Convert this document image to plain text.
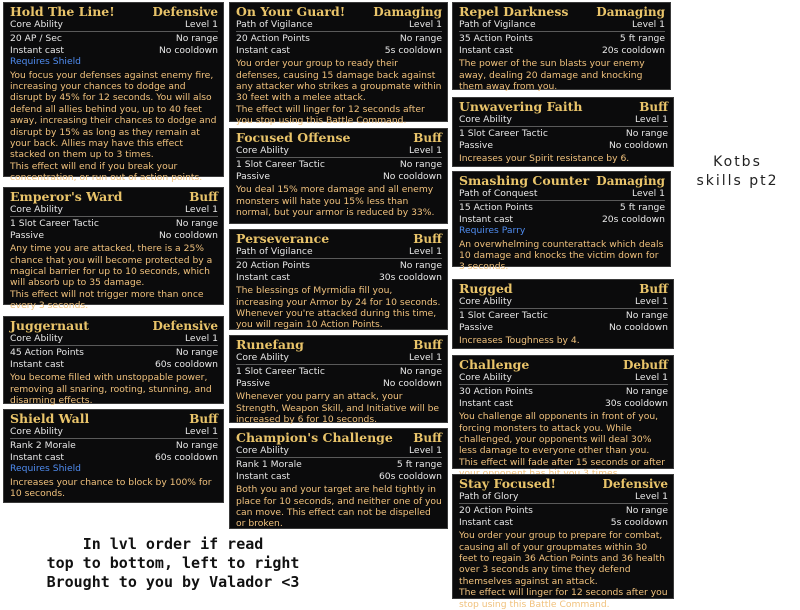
Hold The Line!	Defensive
Core Ability	Level 1
20 AP / Sec	No range
Instant cast	No cooldown
Requires Shield

You focus your defenses against enemy fire, increasing your chances to dodge and disrupt by 45% for 12 seconds. You will also defend all allies behind you, up to 40 feet away, increasing their chances to dodge and disrupt by 15% as long as they remain at your back. Allies may have this effect stacked on them up to 3 times.

This effect will end if you break your concentration, or run out of action points.

Emperor's Ward	Buff
Core Ability	Level 1
1 Slot Career Tactic	No range
Passive	No cooldown

Any time you are attacked, there is a 25% chance that you will become protected by a magical barrier for up to 10 seconds, which will absorb up to 35 damage.

This effect will not trigger more than once every 3 seconds.

Juggernaut	Defensive
Core Ability	Level 1
45 Action Points	No range
Instant cast	60s cooldown

You become filled with unstoppable power, removing all snaring, rooting, stunning, and disarming effects.

Shield Wall	Buff
Core Ability	Level 1
Rank 2 Morale	No range
Instant cast	60s cooldown
Requires Shield

Increases your chance to block by 100% for 10 seconds.

On Your Guard! Damaging
Path of Vigilance	Level 1
20 Action Points	No range
Instant cast	5s cooldown

You order your group to ready their defenses, causing 15 damage back against any attacker who strikes a groupmate within 30 feet with a melee attack.

The effect will linger for 12 seconds after you stop using this Battle Command.

Focused Offense	Buff
Core Ability	Level 1
1 Slot Career Tactic	No range
Passive	No cooldown

You deal 15% more damage and all enemy monsters will hate you 15% less than normal, but your armor is reduced by 33%.

Perseverance	Buff
Path of Vigilance	Level 1
20 Action Points	No range
Instant cast	30s cooldown

The blessings of Myrmidia fill you, increasing your Armor by 24 for 10 seconds. Whenever you're attacked during this time, you will regain 10 Action Points.

Runefang	Buff
Core Ability	Level 1
1 Slot Career Tactic	No range
Passive	No cooldown

Whenever you parry an attack, your Strength, Weapon Skill, and Initiative will be increased by 6 for 10 seconds.

Champion's Challenge Buff
Core Ability	Level 1
Rank 1 Morale	5 ft range
Instant cast	60s cooldown

Both you and your target are held tightly in place for 10 seconds, and neither one of you can move. This effect can not be dispelled or broken.

Repel Darkness Damaging
Path of Vigilance	Level 1
35 Action Points	5 ft range
Instant cast	20s cooldown

The power of the sun blasts your enemy away, dealing 20 damage and knocking them away from you.

Unwavering Faith	Buff
Core Ability	Level 1
1 Slot Career Tactic	No range
Passive	No cooldown

Increases your Spirit resistance by 6.

Smashing Counter Damaging
Path of Conquest	Level 1
15 Action Points	5 ft range
Instant cast	20s cooldown
Requires Parry

An overwhelming counterattack which deals 10 damage and knocks the victim down for 3 seconds.

Rugged	Buff
Core Ability	Level 1
1 Slot Career Tactic	No range
Passive	No cooldown

Increases Toughness by 4.

Challenge	Debuff
Core Ability	Level 1
30 Action Points	No range
Instant cast	30s cooldown

You challenge all opponents in front of you, forcing monsters to attack you. While challenged, your opponents will deal 30% less damage to everyone other than you. This effect will fade after 15 seconds or after

Stay Focused!	Defensive
Path of Glory	Level 1
20 Action Points	No range
Instant cast	5s cooldown

You order your group to prepare for combat, causing all of your groupmates within 30 feet to regain 36 Action Points and 36 health over 3 seconds any time they defend themselves against an attack.

The effect will linger for 12 seconds after you stop using this Battle Command.

Kotbs
skills pt2
In lvl order if read
top to bottom, left to right
Brought to you by Valador <3
